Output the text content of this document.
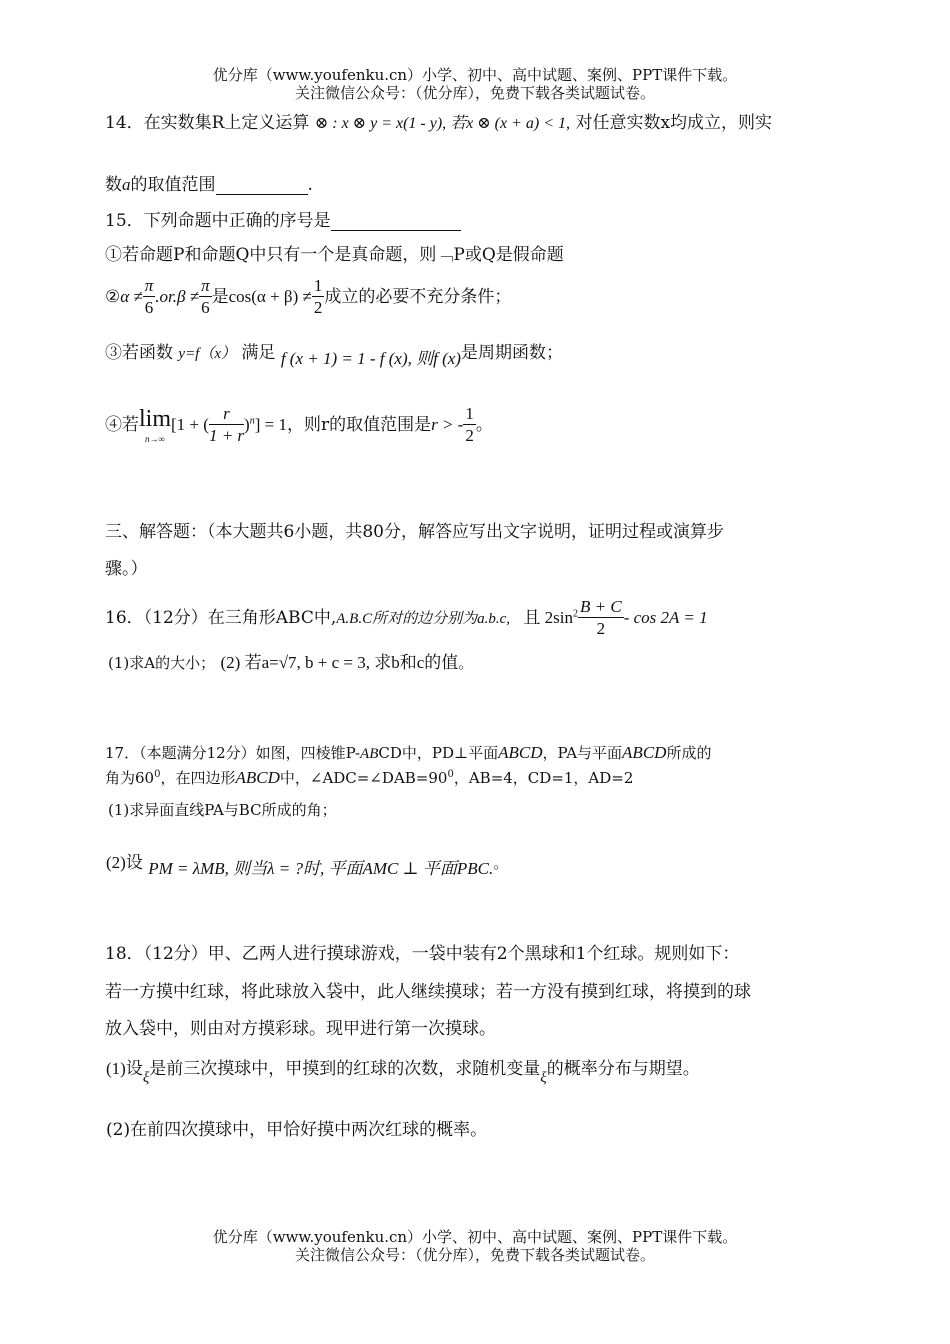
优分库（www.youfenku.cn）小学、初中、高中试题、案例、PPT课件下载。
关注微信公众号：（优分库），免费下载各类试题试卷。
14．在实数集R上定义运算 ⊗ : x ⊗ y = x(1 - y), 若x ⊗ (x + a) < 1, 对任意实数x均成立，则实
数a的取值范围	.
15．下列命题中正确的序号是
①若命题P和命题Q中只有一个是真命题，则﹁P或Q是假命题
②α ≠ $\frac{\pi}{6} .or.\beta \ne \frac{\pi}{6}$ 是$\cos(\alpha + \beta) \ne \frac{1}{2}$ 成立的必要不充分条件；
③若函数 y=f（x） 满足 f (x + 1) = 1 - f (x), 则f (x)是周期函数；
④若 lim
n→∞
[1 + ( $\frac{r}{1 + r} )^n] = 1$，则r的取值范围是r > - $\frac{1}{2}$ 。
三、解答题：（本大题共6小题，共80分，解答应写出文字说明，证明过程或演算步
骤。）
16．（12分）在三角形ABC中,A.B.C所对的边分别为a.b.c, 且 $2\sin^2 \frac{B + C}{2} - \cos 2A = 1$
(1)求A的大小； (2) 若a=√7, b + c = 3, 求b和c的值。
17．（本题满分12分）如图，四棱锥P-ABCD中，PD⊥平面ABCD，PA与平面ABCD所成的
角为$60^0$，在四边形ABCD中，$\angle ADC=\angle DAB=90^0$，AB=4，CD=1，AD=2
(1)求异面直线PA与BC所成的角；
(2)设 PM = λMB, 则当λ = ?时, 平面AMC ⊥ 平面PBC.。
18．（12分）甲、乙两人进行摸球游戏，一袋中装有2个黑球和1个红球。规则如下：
若一方摸中红球，将此球放入袋中，此人继续摸球；若一方没有摸到红球，将摸到的球
放入袋中，则由对方摸彩球。现甲进行第一次摸球。
(1)设ξ是前三次摸球中，甲摸到的红球的次数，求随机变量ξ的概率分布与期望。
(2)在前四次摸球中，甲恰好摸中两次红球的概率。
优分库（www.youfenku.cn）小学、初中、高中试题、案例、PPT课件下载。
关注微信公众号：（优分库），免费下载各类试题试卷。
